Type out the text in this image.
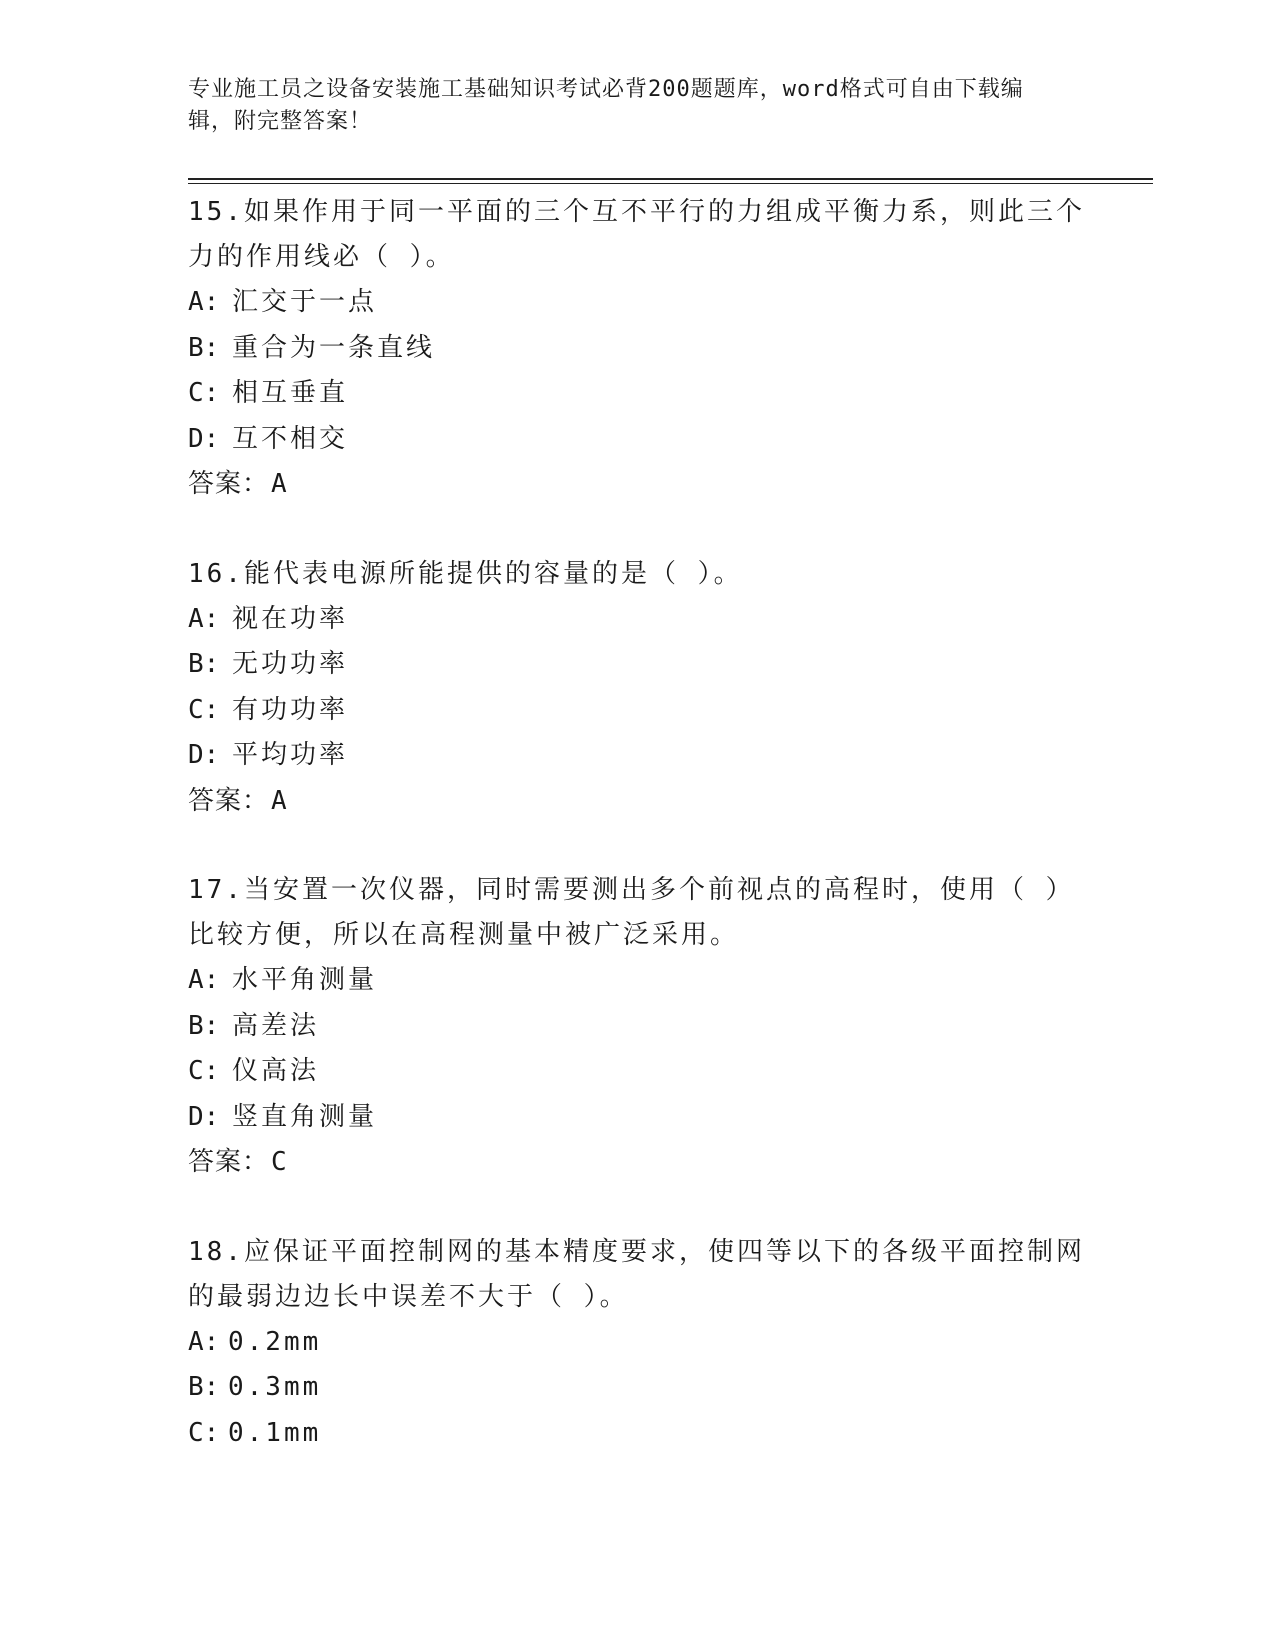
专业施工员之设备安装施工基础知识考试必背200题题库，word格式可自由下载编辑，附完整答案！
15.如果作用于同一平面的三个互不平行的力组成平衡力系，则此三个力的作用线必（ ）。
A: 汇交于一点
B: 重合为一条直线
C: 相互垂直
D: 互不相交
答案：A
16.能代表电源所能提供的容量的是（ ）。
A: 视在功率
B: 无功功率
C: 有功功率
D: 平均功率
答案：A
17.当安置一次仪器，同时需要测出多个前视点的高程时，使用（ ）比较方便，所以在高程测量中被广泛采用。
A: 水平角测量
B: 高差法
C: 仪高法
D: 竖直角测量
答案：C
18.应保证平面控制网的基本精度要求，使四等以下的各级平面控制网的最弱边边长中误差不大于（ ）。
A: 0.2mm
B: 0.3mm
C: 0.1mm
